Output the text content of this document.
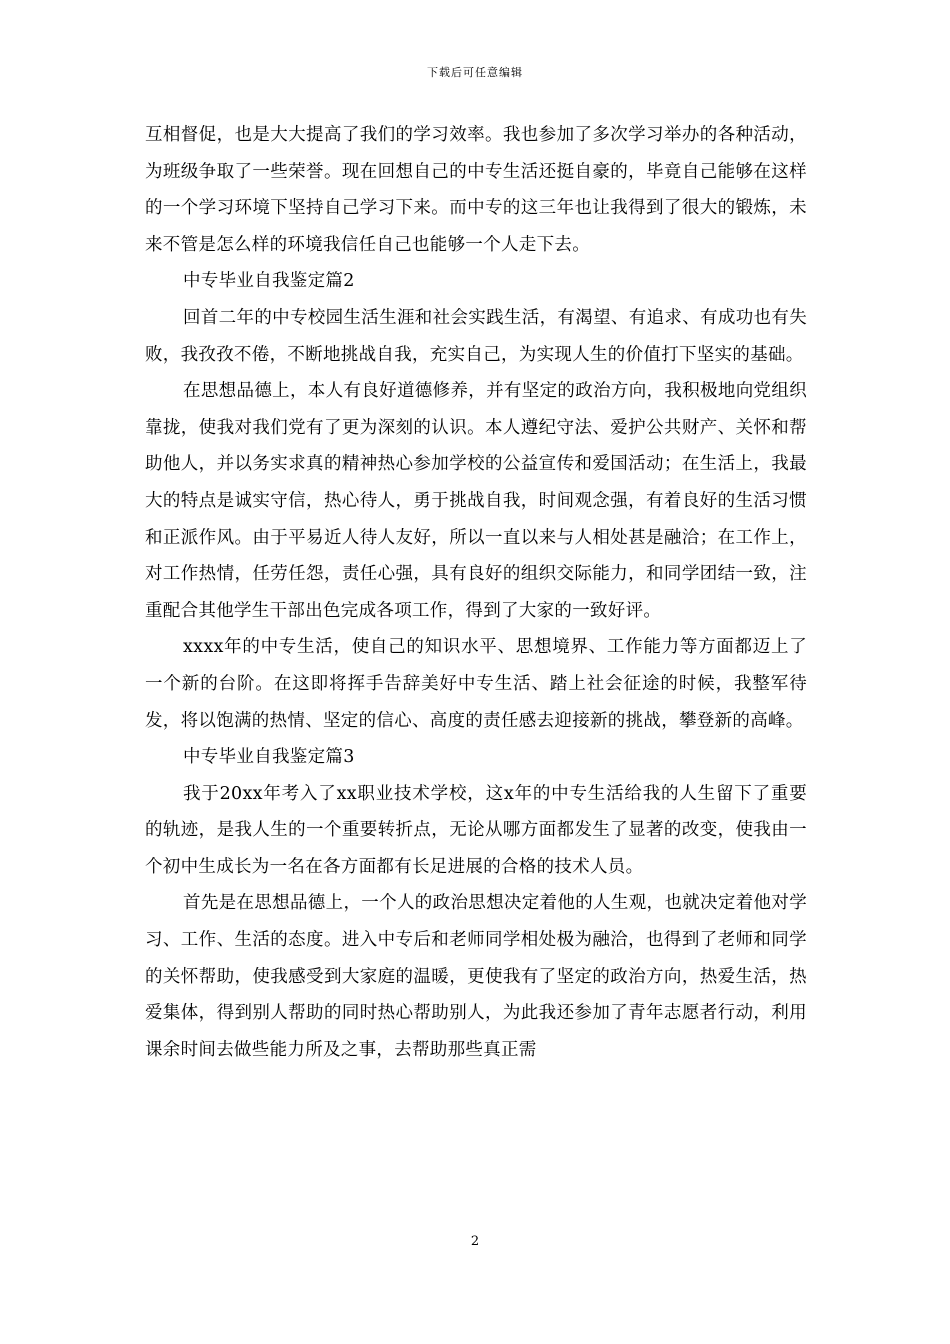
下载后可任意编辑

互相督促，也是大大提高了我们的学习效率。我也参加了多次学习举办的各种活动，为班级争取了一些荣誉。现在回想自己的中专生活还挺自豪的，毕竟自己能够在这样的一个学习环境下坚持自己学习下来。而中专的这三年也让我得到了很大的锻炼，未来不管是怎么样的环境我信任自己也能够一个人走下去。

中专毕业自我鉴定篇2

回首二年的中专校园生活生涯和社会实践生活，有渴望、有追求、有成功也有失败，我孜孜不倦，不断地挑战自我，充实自己，为实现人生的价值打下坚实的基础。

在思想品德上，本人有良好道德修养，并有坚定的政治方向，我积极地向党组织靠拢，使我对我们党有了更为深刻的认识。本人遵纪守法、爱护公共财产、关怀和帮助他人，并以务实求真的精神热心参加学校的公益宣传和爱国活动；在生活上，我最大的特点是诚实守信，热心待人，勇于挑战自我，时间观念强，有着良好的生活习惯和正派作风。由于平易近人待人友好，所以一直以来与人相处甚是融洽；在工作上，对工作热情，任劳任怨，责任心强，具有良好的组织交际能力，和同学团结一致，注重配合其他学生干部出色完成各项工作，得到了大家的一致好评。

xxxx年的中专生活，使自己的知识水平、思想境界、工作能力等方面都迈上了一个新的台阶。在这即将挥手告辞美好中专生活、踏上社会征途的时候，我整军待发，将以饱满的热情、坚定的信心、高度的责任感去迎接新的挑战，攀登新的高峰。

中专毕业自我鉴定篇3

我于20xx年考入了xx职业技术学校，这x年的中专生活给我的人生留下了重要的轨迹，是我人生的一个重要转折点，无论从哪方面都发生了显著的改变，使我由一个初中生成长为一名在各方面都有长足进展的合格的技术人员。

首先是在思想品德上，一个人的政治思想决定着他的人生观，也就决定着他对学习、工作、生活的态度。进入中专后和老师同学相处极为融洽，也得到了老师和同学的关怀帮助，使我感受到大家庭的温暖，更使我有了坚定的政治方向，热爱生活，热爱集体，得到别人帮助的同时热心帮助别人，为此我还参加了青年志愿者行动，利用课余时间去做些能力所及之事，去帮助那些真正需

2
